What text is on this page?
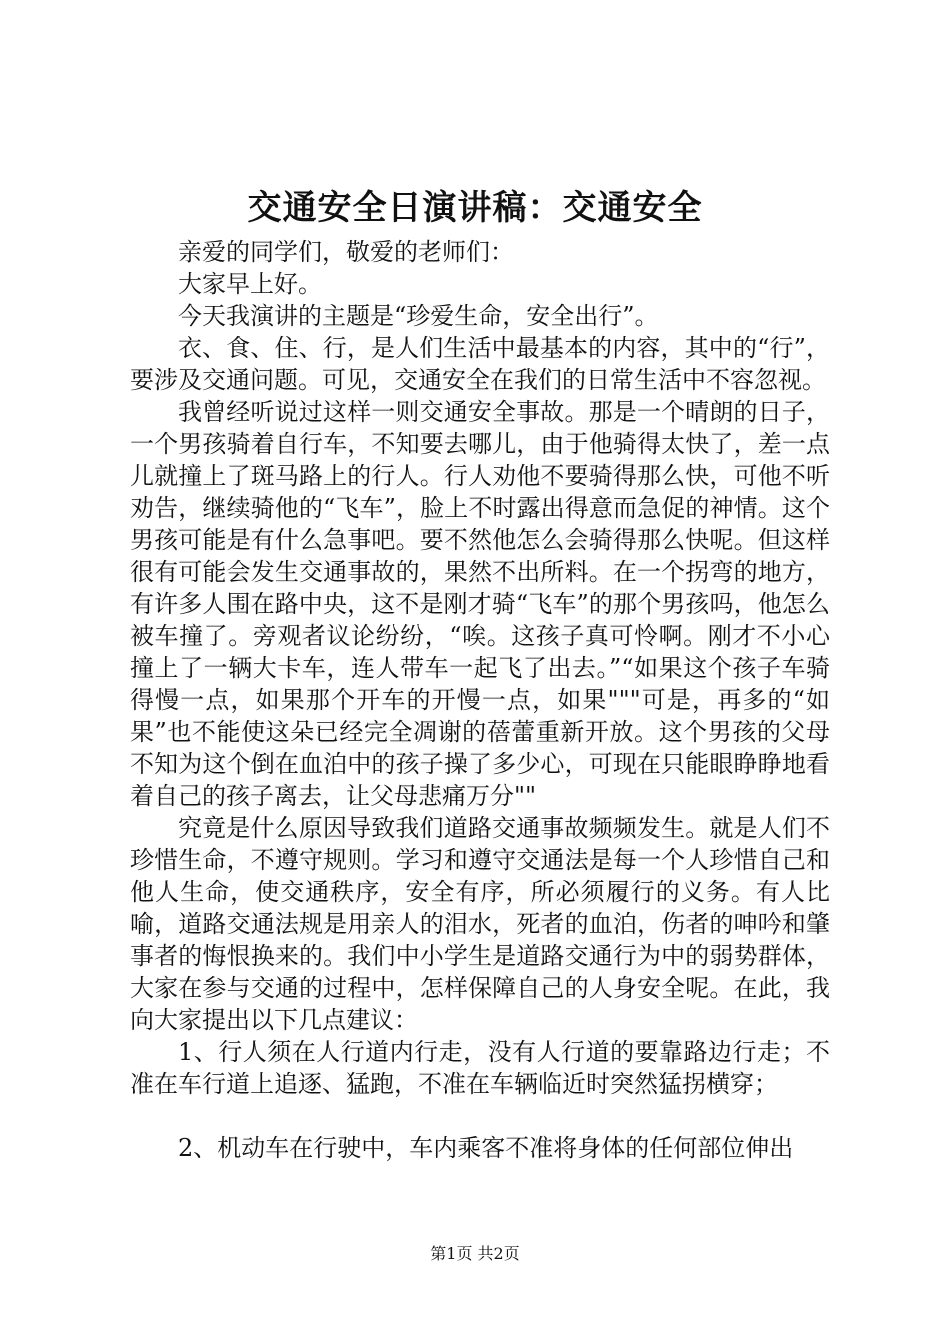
交通安全日演讲稿：交通安全

亲爱的同学们，敬爱的老师们：

大家早上好。

今天我演讲的主题是“珍爱生命，安全出行”。

衣、食、住、行，是人们生活中最基本的内容，其中的“行”，要涉及交通问题。可见，交通安全在我们的日常生活中不容忽视。

我曾经听说过这样一则交通安全事故。那是一个晴朗的日子，一个男孩骑着自行车，不知要去哪儿，由于他骑得太快了，差一点儿就撞上了斑马路上的行人。行人劝他不要骑得那么快，可他不听劝告，继续骑他的“飞车”，脸上不时露出得意而急促的神情。这个男孩可能是有什么急事吧。要不然他怎么会骑得那么快呢。但这样很有可能会发生交通事故的，果然不出所料。在一个拐弯的地方，有许多人围在路中央，这不是刚才骑“飞车”的那个男孩吗，他怎么被车撞了。旁观者议论纷纷，“唉。这孩子真可怜啊。刚才不小心撞上了一辆大卡车，连人带车一起飞了出去。”“如果这个孩子车骑得慢一点，如果那个开车的开慢一点，如果"""可是，再多的“如果”也不能使这朵已经完全凋谢的蓓蕾重新开放。这个男孩的父母不知为这个倒在血泊中的孩子操了多少心，可现在只能眼睁睁地看着自己的孩子离去，让父母悲痛万分""

究竟是什么原因导致我们道路交通事故频频发生。就是人们不珍惜生命，不遵守规则。学习和遵守交通法是每一个人珍惜自己和他人生命，使交通秩序，安全有序，所必须履行的义务。有人比喻，道路交通法规是用亲人的泪水，死者的血泊，伤者的呻吟和肇事者的悔恨换来的。我们中小学生是道路交通行为中的弱势群体，大家在参与交通的过程中，怎样保障自己的人身安全呢。在此，我向大家提出以下几点建议：

1、行人须在人行道内行走，没有人行道的要靠路边行走；不准在车行道上追逐、猛跑，不准在车辆临近时突然猛拐横穿；

2、机动车在行驶中，车内乘客不准将身体的任何部位伸出

第1页 共2页
